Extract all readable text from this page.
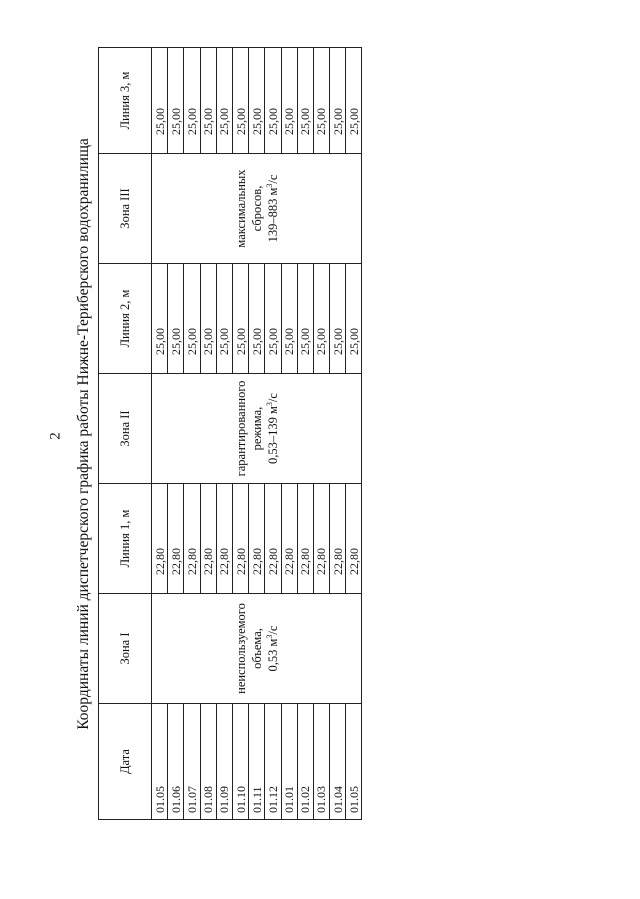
2 Координаты линий диспетчерского графика работы Нижне-Териберского водохранилища
Дата	Зона I	Линия 1, м	Зона II	Линия 2, м	Зона III	Линия 3, м
01.05	неиспользуемого объема, 0,53 $м^3/с$	22,80	гарантированного режима, 0,53–139 $м^3/с$	25,00	максимальных сбросов, 139–883 $м^3/с$	25,00
01.06		22,80		25,00		25,00
01.07		22,80		25,00		25,00
01.08		22,80		25,00		25,00
01.09		22,80		25,00		25,00
01.10		22,80		25,00		25,00
01.11		22,80		25,00		25,00
01.12		22,80		25,00		25,00
01.01		22,80		25,00		25,00
01.02		22,80		25,00		25,00
01.03		22,80		25,00		25,00
01.04		22,80		25,00		25,00
01.05		22,80		25,00		25,00
